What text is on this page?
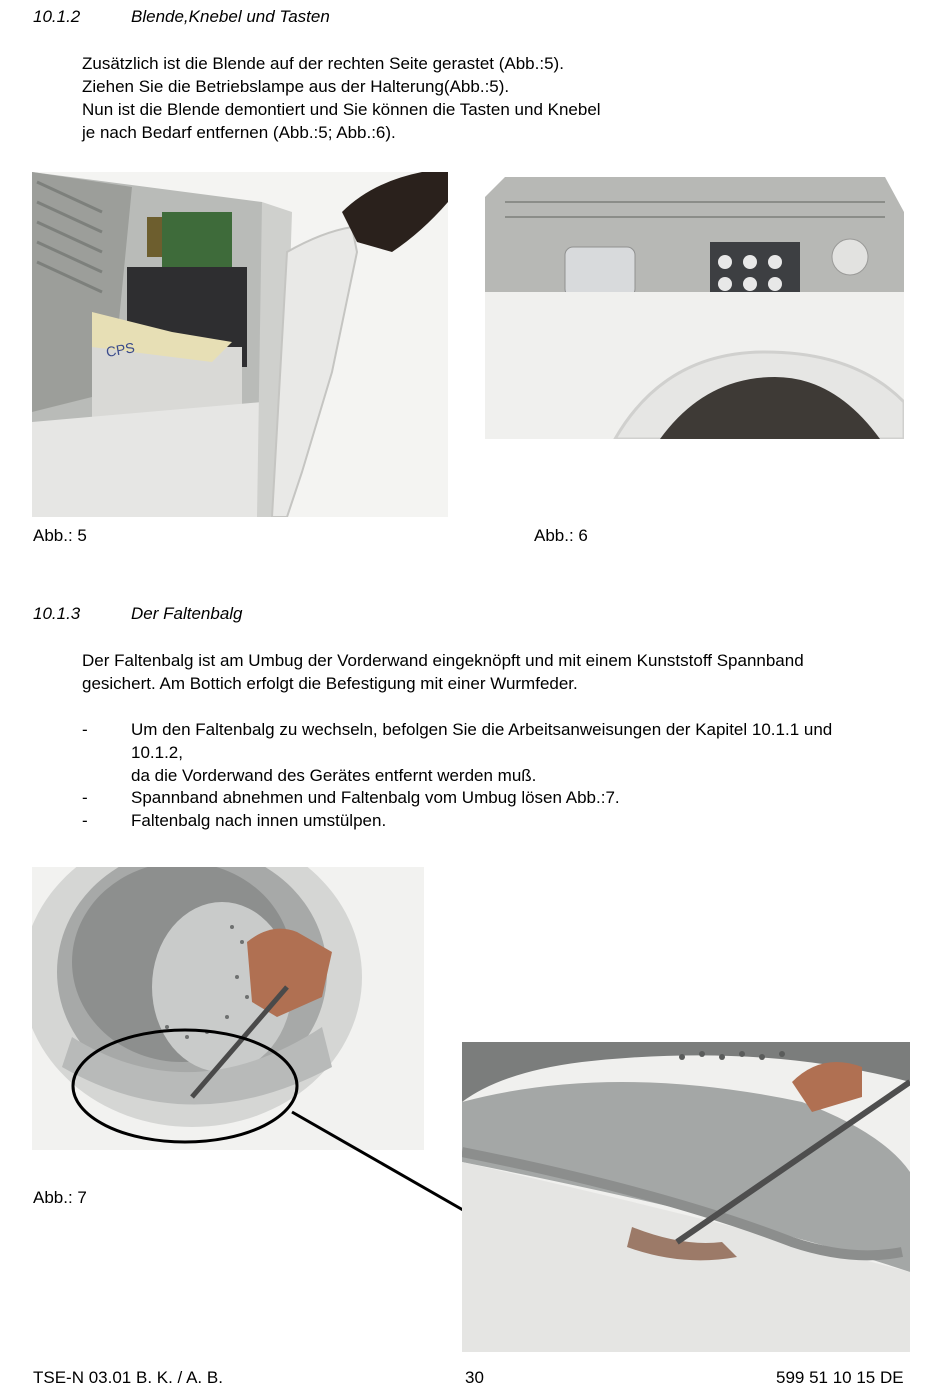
10.1.2	Blende,Knebel und Tasten
Zusätzlich ist die Blende auf der rechten Seite gerastet (Abb.:5).
Ziehen Sie die Betriebslampe aus der Halterung(Abb.:5).
Nun ist die Blende demontiert und Sie können die Tasten und Knebel
je nach Bedarf entfernen (Abb.:5; Abb.:6).
CPS
Abb.: 5	Abb.: 6
10.1.3	Der Faltenbalg
Der Faltenbalg ist am Umbug der Vorderwand eingeknöpft und mit einem Kunststoff Spannband
gesichert. Am Bottich erfolgt die Befestigung mit einer Wurmfeder.
-	Um den Faltenbalg zu wechseln, befolgen Sie die Arbeitsanweisungen der Kapitel 10.1.1 und
10.1.2,
da die Vorderwand des Gerätes entfernt werden muß.
-	Spannband abnehmen und Faltenbalg vom Umbug lösen Abb.:7.
-	Faltenbalg nach innen umstülpen.
Abb.: 7
TSE-N 03.01 B. K. / A. B.	30	599 51 10 15 DE
